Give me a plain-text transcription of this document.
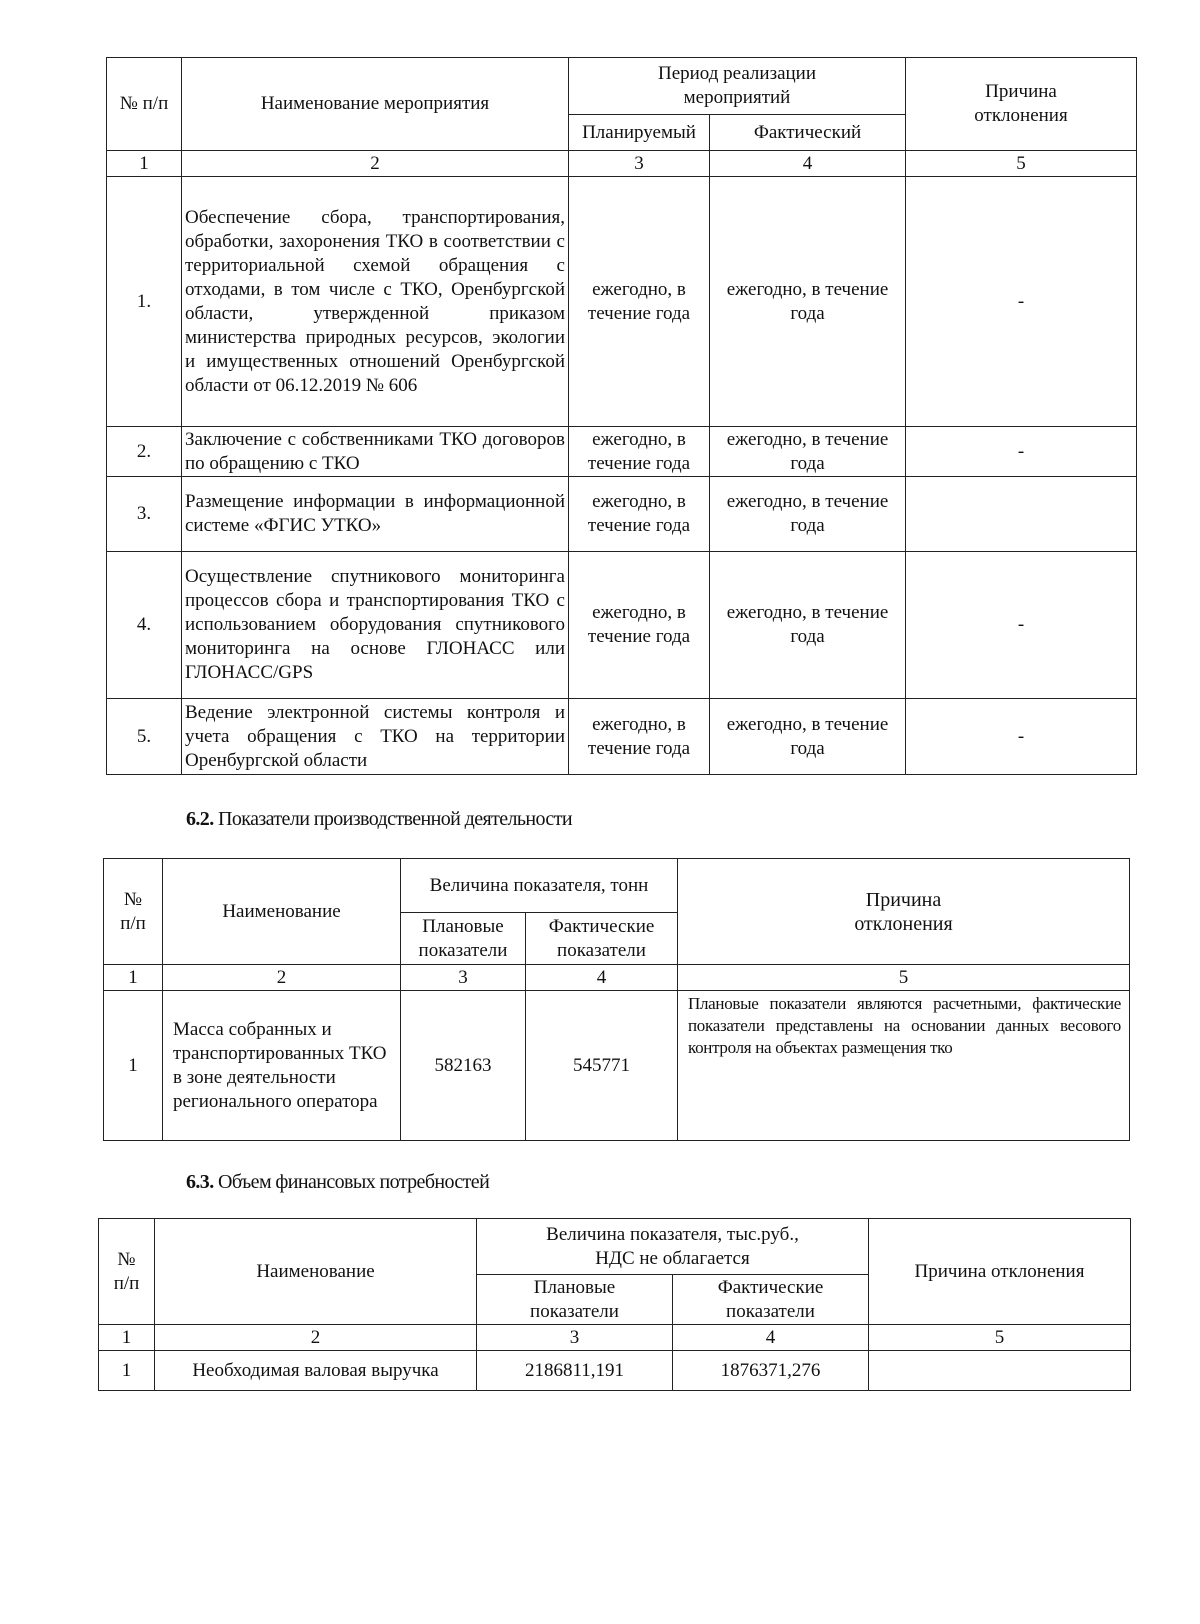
№ п/п	Наименование мероприятия	Период реализации мероприятий		Причина отклонения

		Планируемый	Фактический	
1	2	3	4	5
1.	Обеспечение сбора, транспортирования, обработки, захоронения ТКО в соответствии с территориальной схемой обращения с отходами, в том числе с ТКО, Оренбургской области, утвержденной приказом министерства природных ресурсов, экологии и имущественных отношений Оренбургской области от 06.12.2019 № 606	ежегодно, в течение года	ежегодно, в течение года	-
2.	Заключение с собственниками ТКО договоров по обращению с ТКО	ежегодно, в течение года	ежегодно, в течение года	-
3.	Размещение информации в информационной системе «ФГИС УТКО»	ежегодно, в течение года	ежегодно, в течение года	
4.	Осуществление спутникового мониторинга процессов сбора и транспортирования ТКО с использованием оборудования спутникового мониторинга на основе ГЛОНАСС или ГЛОНАСС/GPS	ежегодно, в течение года	ежегодно, в течение года	-
5.	Ведение электронной системы контроля и учета обращения с ТКО на территории Оренбургской области	ежегодно, в течение года	ежегодно, в течение года	-
6.2. Показатели производственной деятельности
№ п/п	Наименование	Величина показателя, тонн		Причина отклонения

		Плановые показатели	Фактические показатели	
1	2	3	4	5
1	Масса собранных и транспортированных ТКО в зоне деятельности регионального оператора	582163	545771	Плановые показатели являются расчетными, фактические показатели представлены на основании данных весового контроля на объектах размещения тко
6.3. Объем финансовых потребностей
№ п/п	Наименование	Величина показателя, тыс.руб., НДС не облагается		Причина отклонения

		Плановые показатели	Фактические показатели	

1	2	3	4	5
1	Необходимая валовая выручка	2186811,191	1876371,276	
